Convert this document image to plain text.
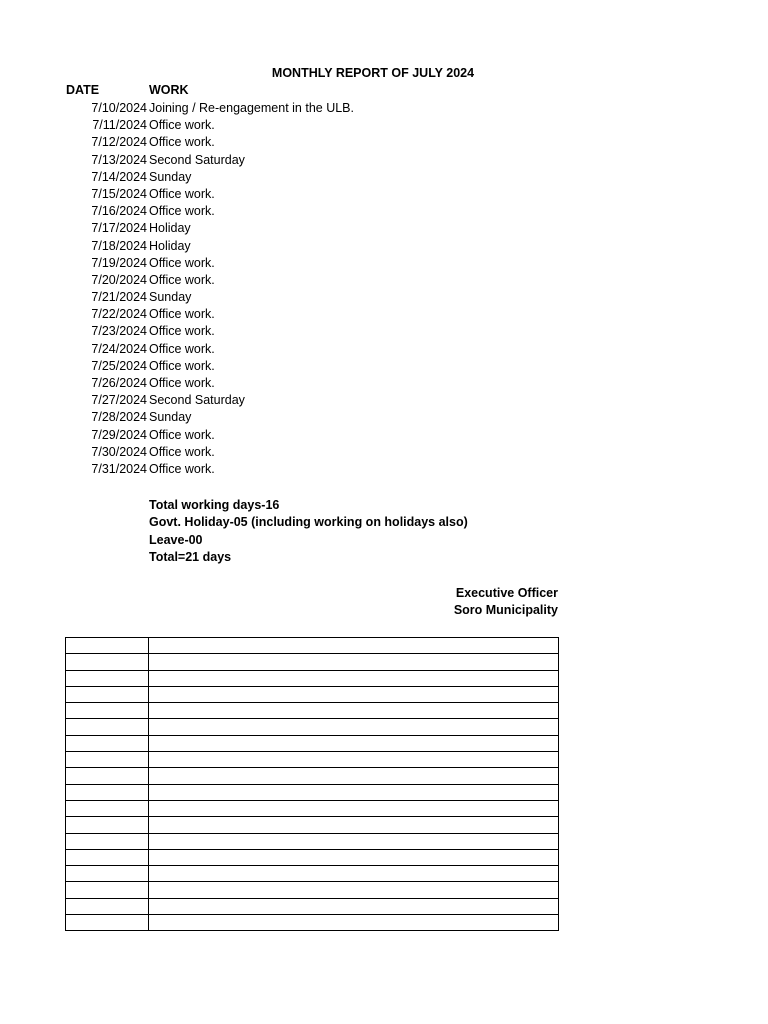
MONTHLY REPORT OF JULY 2024
DATE	WORK
7/10/2024 Joining / Re-engagement in the ULB.
7/11/2024 Office work.
7/12/2024 Office work.
7/13/2024 Second Saturday
7/14/2024 Sunday
7/15/2024 Office work.
7/16/2024 Office work.
7/17/2024 Holiday
7/18/2024 Holiday
7/19/2024 Office work.
7/20/2024 Office work.
7/21/2024 Sunday
7/22/2024 Office work.
7/23/2024 Office work.
7/24/2024 Office work.
7/25/2024 Office work.
7/26/2024 Office work.
7/27/2024 Second Saturday
7/28/2024 Sunday
7/29/2024 Office work.
7/30/2024 Office work.
7/31/2024 Office work.
Total working days-16
Govt. Holiday-05 (including working on holidays also)
Leave-00
Total=21 days
Executive Officer
Soro Municipality
